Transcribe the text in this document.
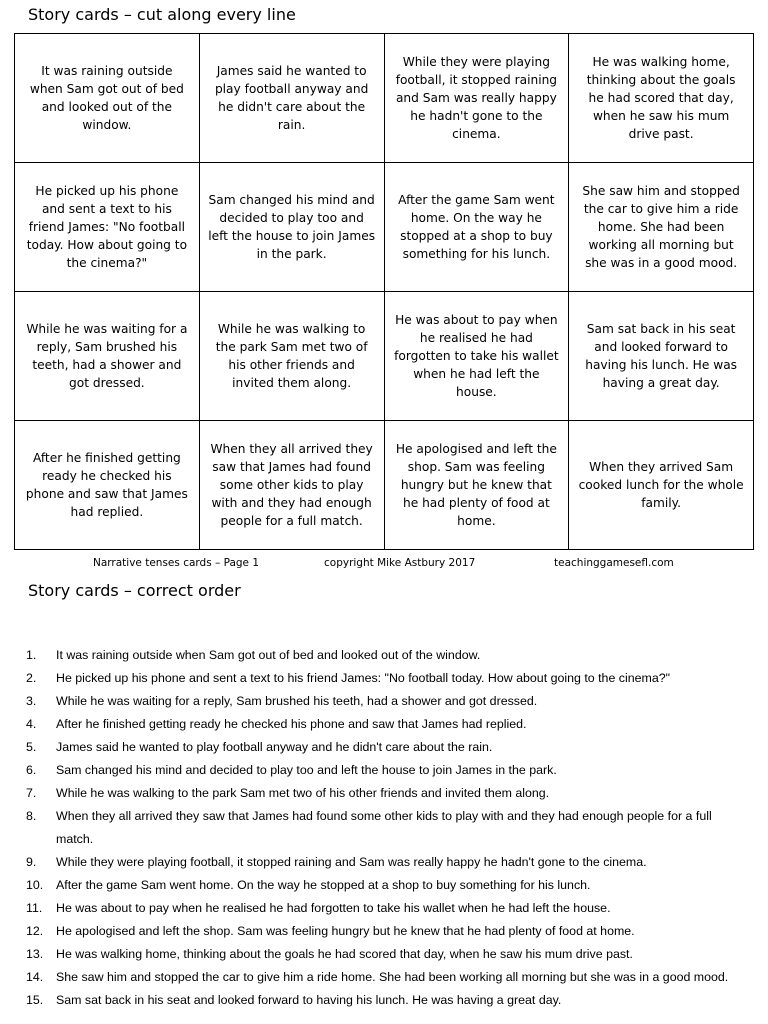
Story cards – cut along every line
It was raining outside when Sam got out of bed and looked out of the window.	James said he wanted to play football anyway and he didn't care about the rain.	While they were playing football, it stopped raining and Sam was really happy he hadn't gone to the cinema.	He was walking home, thinking about the goals he had scored that day, when he saw his mum drive past.
He picked up his phone and sent a text to his friend James: "No football today. How about going to the cinema?"	Sam changed his mind and decided to play too and left the house to join James in the park.	After the game Sam went home. On the way he stopped at a shop to buy something for his lunch.	She saw him and stopped the car to give him a ride home. She had been working all morning but she was in a good mood.
While he was waiting for a reply, Sam brushed his teeth, had a shower and got dressed.	While he was walking to the park Sam met two of his other friends and invited them along.	He was about to pay when he realised he had forgotten to take his wallet when he had left the house.	Sam sat back in his seat and looked forward to having his lunch. He was having a great day.
After he finished getting ready he checked his phone and saw that James had replied.	When they all arrived they saw that James had found some other kids to play with and they had enough people for a full match.	He apologised and left the shop. Sam was feeling hungry but he knew that he had plenty of food at home.	When they arrived Sam cooked lunch for the whole family.
Narrative tenses cards – Page 1	copyright Mike Astbury 2017	teachinggamesefl.com
Story cards – correct order
1. It was raining outside when Sam got out of bed and looked out of the window.
2. He picked up his phone and sent a text to his friend James: "No football today. How about going to the cinema?"
3. While he was waiting for a reply, Sam brushed his teeth, had a shower and got dressed.
4. After he finished getting ready he checked his phone and saw that James had replied.
5. James said he wanted to play football anyway and he didn't care about the rain.
6. Sam changed his mind and decided to play too and left the house to join James in the park.
7. While he was walking to the park Sam met two of his other friends and invited them along.
8. When they all arrived they saw that James had found some other kids to play with and they had enough people for a full match.
9. While they were playing football, it stopped raining and Sam was really happy he hadn't gone to the cinema.
10. After the game Sam went home. On the way he stopped at a shop to buy something for his lunch.
11. He was about to pay when he realised he had forgotten to take his wallet when he had left the house.
12. He apologised and left the shop. Sam was feeling hungry but he knew that he had plenty of food at home.
13. He was walking home, thinking about the goals he had scored that day, when he saw his mum drive past.
14. She saw him and stopped the car to give him a ride home. She had been working all morning but she was in a good mood.
15. Sam sat back in his seat and looked forward to having his lunch. He was having a great day.
